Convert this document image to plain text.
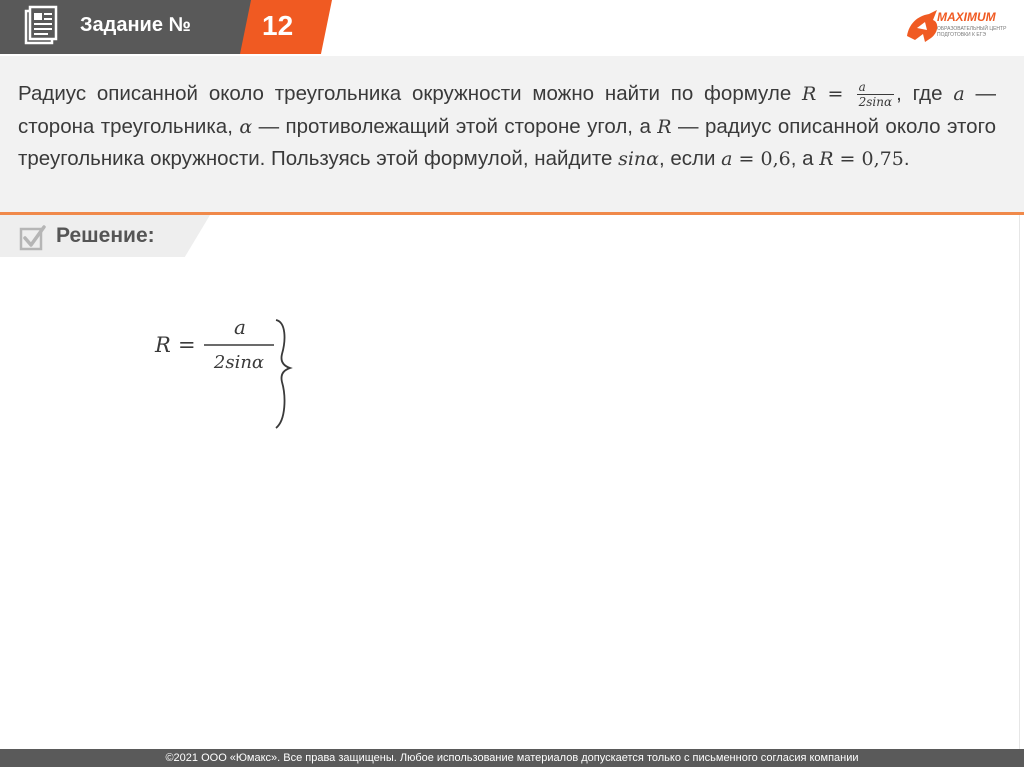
Задание №	12	MAXIMUM
ОБРАЗОВАТЕЛЬНЫЙ ЦЕНТР ПОДГОТОВКИ К ЕГЭ
Радиус описанной около треугольника окружности можно найти по формуле $R = \frac{a}{2\sin\alpha}$ , где a —сторона треугольника, α — противолежащий этой стороне угол, а R — радиус описанной около этого треугольника окружности. Пользуясь этой формулой, найдите sinα, если a = 0,6, а R = 0,75.
Решение:
R =
a
2sinα
©2021 ООО «Юмакс». Все права защищены. Любое использование материалов допускается только с письменного согласия компании
